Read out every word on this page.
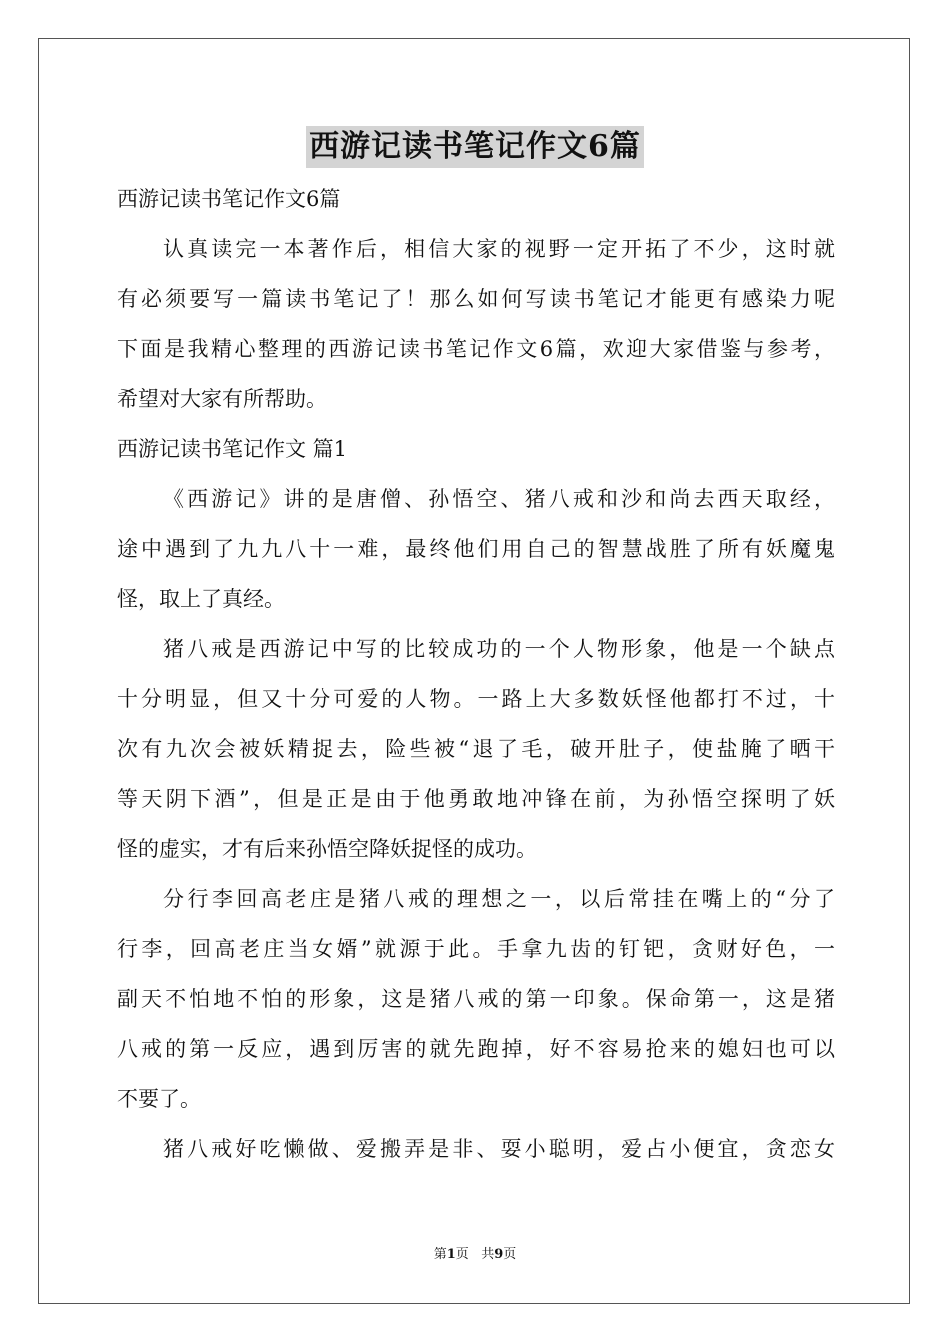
西游记读书笔记作文6篇
西游记读书笔记作文6篇
认真读完一本著作后，相信大家的视野一定开拓了不少，这时就
有必须要写一篇读书笔记了！那么如何写读书笔记才能更有感染力呢
下面是我精心整理的西游记读书笔记作文6篇，欢迎大家借鉴与参考，
希望对大家有所帮助。
西游记读书笔记作文 篇1
《西游记》讲的是唐僧、孙悟空、猪八戒和沙和尚去西天取经，
途中遇到了九九八十一难，最终他们用自己的智慧战胜了所有妖魔鬼
怪，取上了真经。
猪八戒是西游记中写的比较成功的一个人物形象，他是一个缺点
十分明显，但又十分可爱的人物。一路上大多数妖怪他都打不过，十
次有九次会被妖精捉去，险些被“退了毛，破开肚子，使盐腌了晒干
等天阴下酒”，但是正是由于他勇敢地冲锋在前，为孙悟空探明了妖
怪的虚实，才有后来孙悟空降妖捉怪的成功。
分行李回高老庄是猪八戒的理想之一，以后常挂在嘴上的“分了
行李，回高老庄当女婿”就源于此。手拿九齿的钉钯，贪财好色，一
副天不怕地不怕的形象，这是猪八戒的第一印象。保命第一，这是猪
八戒的第一反应，遇到厉害的就先跑掉，好不容易抢来的媳妇也可以
不要了。
猪八戒好吃懒做、爱搬弄是非、耍小聪明，爱占小便宜，贪恋女
第1页 共9页
